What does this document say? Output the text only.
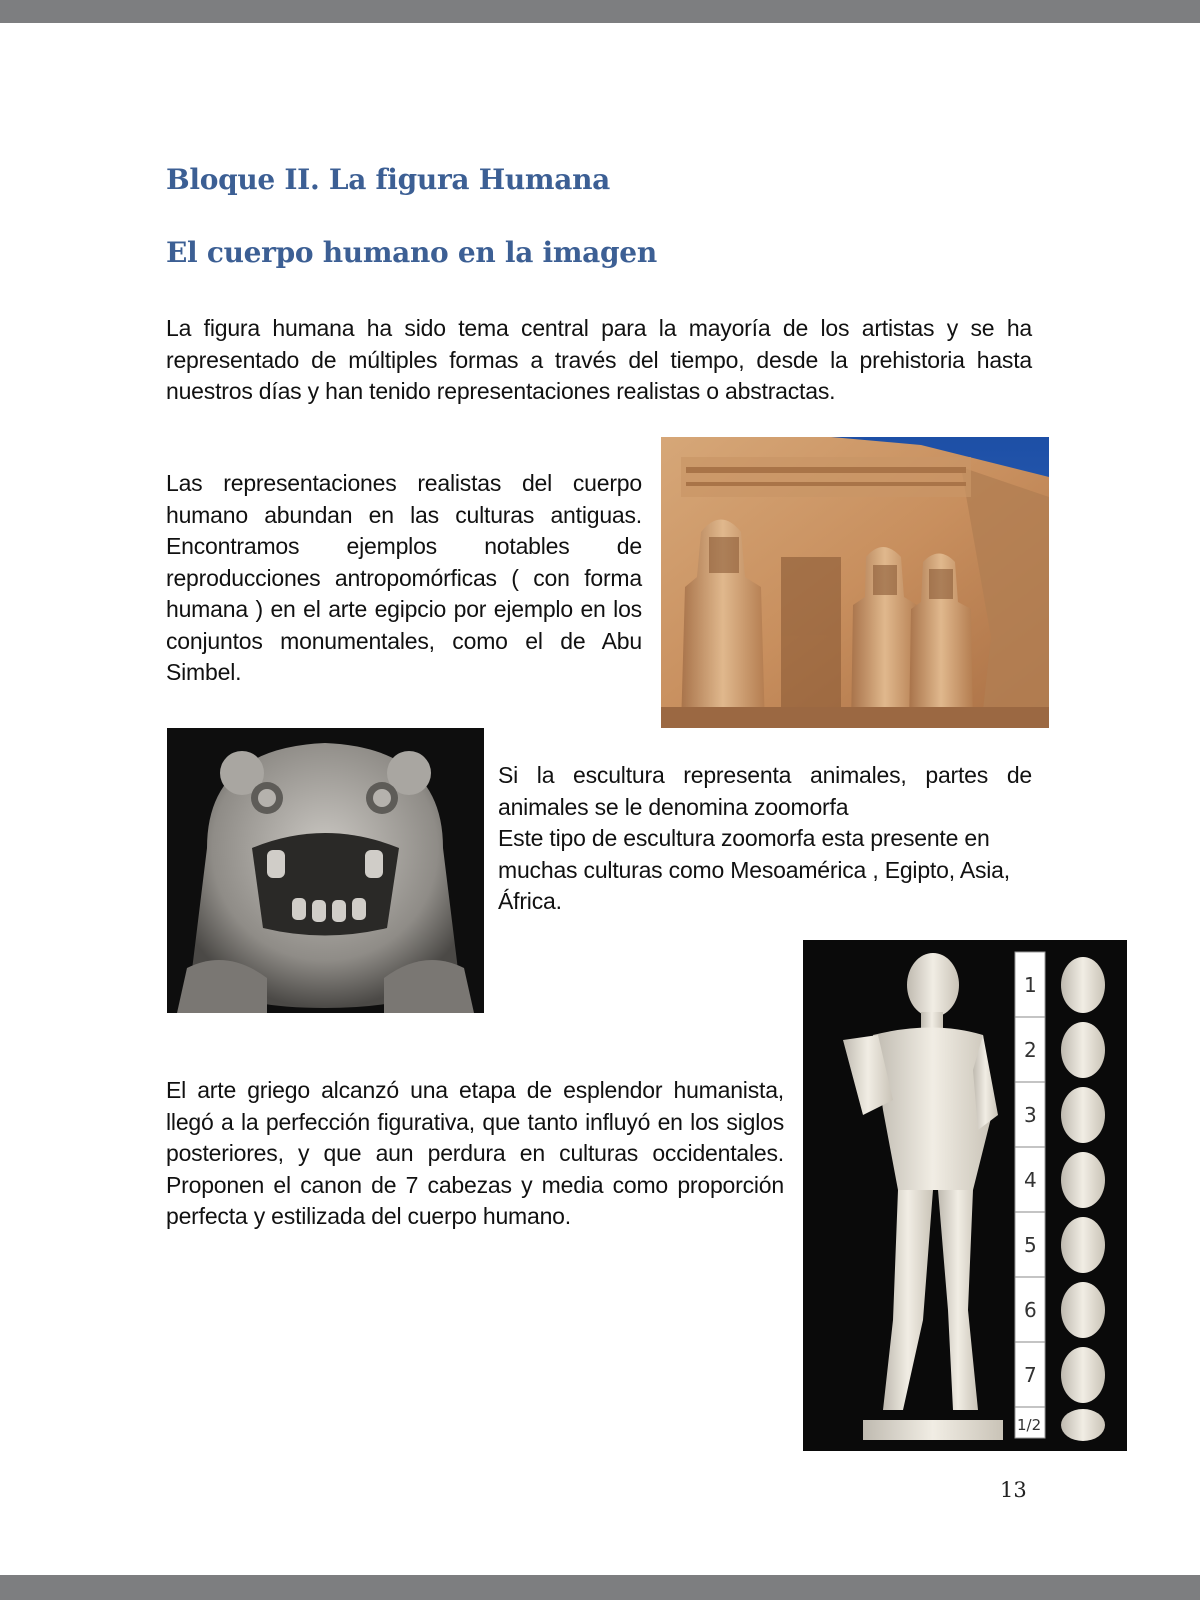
Bloque II. La figura Humana
El cuerpo humano en la imagen

La figura humana ha sido tema central para la mayoría de los artistas y se ha representado de múltiples formas a través del tiempo, desde la prehistoria hasta nuestros días y han tenido representaciones realistas o abstractas.

Las representaciones realistas del cuerpo humano abundan en las culturas antiguas. Encontramos ejemplos notables de reproducciones antropomórficas ( con forma humana ) en el arte egipcio por ejemplo en los conjuntos monumentales, como el de Abu Simbel.

Si la escultura representa animales, partes de animales se le denomina zoomorfa
Este tipo de escultura zoomorfa esta presente en muchas culturas como Mesoamérica , Egipto, Asia, África.

El arte griego alcanzó una etapa de esplendor humanista, llegó a la perfección figurativa, que tanto influyó en los siglos posteriores, y que aun perdura en culturas occidentales. Proponen el canon de 7 cabezas y media como proporción perfecta y estilizada del cuerpo humano.

1
2
3
4
5
6
7
1/2

13
